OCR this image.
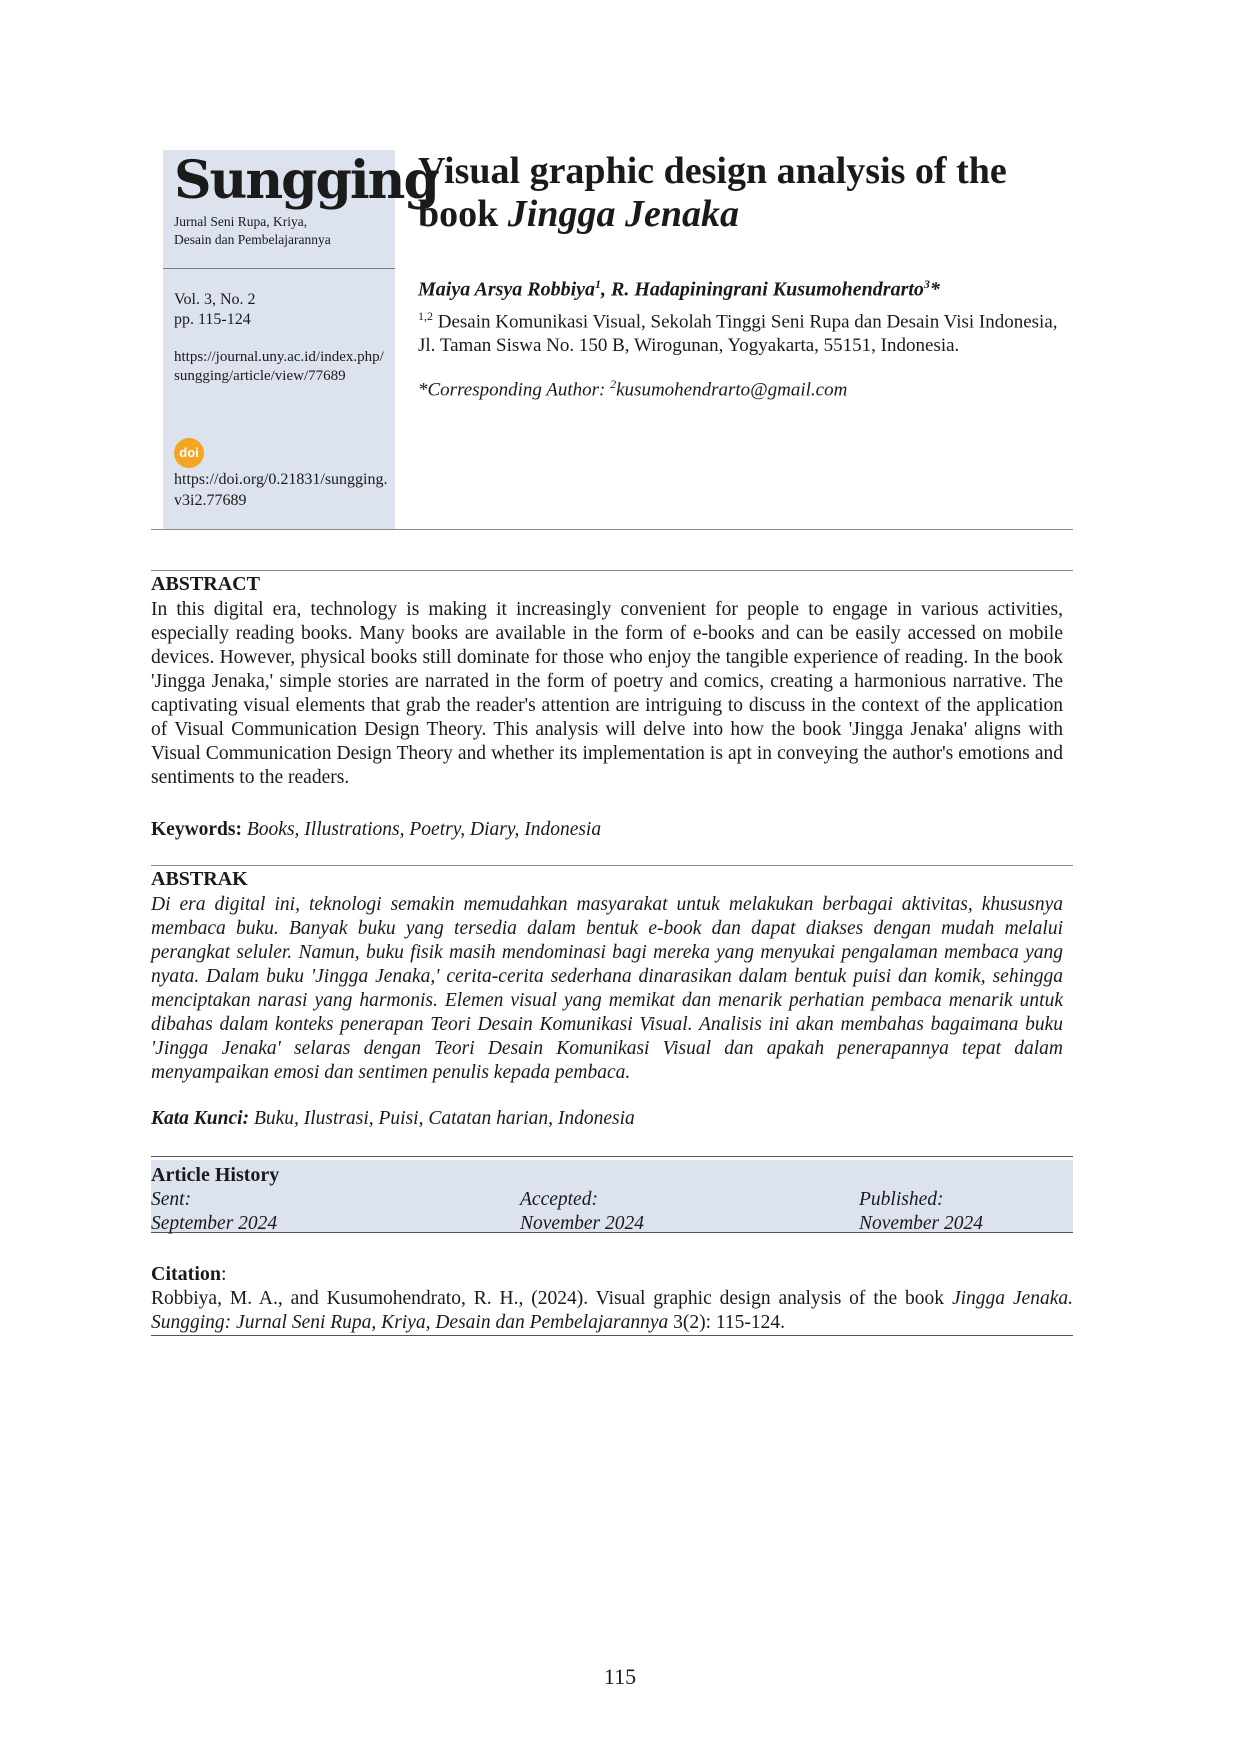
Sungging
Jurnal Seni Rupa, Kriya,
Desain dan Pembelajarannya
Vol. 3, No. 2
pp. 115-124
https://journal.uny.ac.id/index.php/sungging/article/view/77689
doi
https://doi.org/0.21831/sungging.v3i2.77689
Visual graphic design analysis of the
book Jingga Jenaka
Maiya Arsya Robbiya$^1$, R. Hadapiningrani Kusumohendrarto$^3$*
$^{1,2}$ Desain Komunikasi Visual, Sekolah Tinggi Seni Rupa dan Desain Visi Indonesia, Jl. Taman Siswa No. 150 B, Wirogunan, Yogyakarta, 55151, Indonesia.
*Corresponding Author: $^2$kusumohendrarto@gmail.com
ABSTRACT

In this digital era, technology is making it increasingly convenient for people to engage in various activities, especially reading books. Many books are available in the form of e-books and can be easily accessed on mobile devices. However, physical books still dominate for those who enjoy the tangible experience of reading. In the book 'Jingga Jenaka,' simple stories are narrated in the form of poetry and comics, creating a harmonious narrative. The captivating visual elements that grab the reader's attention are intriguing to discuss in the context of the application of Visual Communication Design Theory. This analysis will delve into how the book 'Jingga Jenaka' aligns with Visual Communication Design Theory and whether its implementation is apt in conveying the author's emotions and sentiments to the readers.

Keywords: Books, Illustrations, Poetry, Diary, Indonesia
ABSTRAK

Di era digital ini, teknologi semakin memudahkan masyarakat untuk melakukan berbagai aktivitas, khususnya membaca buku. Banyak buku yang tersedia dalam bentuk e-book dan dapat diakses dengan mudah melalui perangkat seluler. Namun, buku fisik masih mendominasi bagi mereka yang menyukai pengalaman membaca yang nyata. Dalam buku 'Jingga Jenaka,' cerita-cerita sederhana dinarasikan dalam bentuk puisi dan komik, sehingga menciptakan narasi yang harmonis. Elemen visual yang memikat dan menarik perhatian pembaca menarik untuk dibahas dalam konteks penerapan Teori Desain Komunikasi Visual. Analisis ini akan membahas bagaimana buku 'Jingga Jenaka' selaras dengan Teori Desain Komunikasi Visual dan apakah penerapannya tepat dalam menyampaikan emosi dan sentimen penulis kepada pembaca.

Kata Kunci: Buku, Ilustrasi, Puisi, Catatan harian, Indonesia
Article History
Sent:
September 2024
Accepted:
November 2024
Published:
November 2024
Citation:

Robbiya, M. A., and Kusumohendrato, R. H., (2024). Visual graphic design analysis of the book Jingga Jenaka. Sungging: Jurnal Seni Rupa, Kriya, Desain dan Pembelajarannya 3(2): 115-124.

115
